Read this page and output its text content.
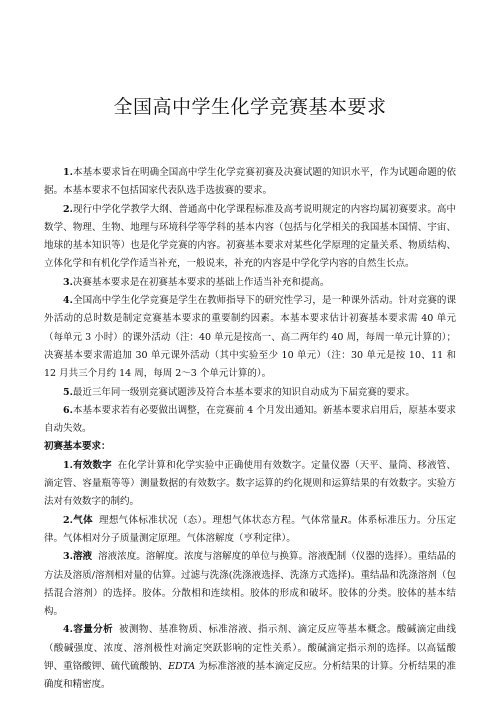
全国高中学生化学竞赛基本要求

1.本基本要求旨在明确全国高中学生化学竞赛初赛及决赛试题的知识水平，作为试题命题的依据。本基本要求不包括国家代表队选手选拔赛的要求。

2.现行中学化学教学大纲、普通高中化学课程标准及高考说明规定的内容均属初赛要求。高中数学、物理、生物、地理与环境科学等学科的基本内容（包括与化学相关的我国基本国情、宇宙、地球的基本知识等）也是化学竞赛的内容。初赛基本要求对某些化学原理的定量关系、物质结构、立体化学和有机化学作适当补充，一般说来，补充的内容是中学化学内容的自然生长点。

3.决赛基本要求是在初赛基本要求的基础上作适当补充和提高。

4.全国高中学生化学竞赛是学生在教师指导下的研究性学习，是一种课外活动。针对竞赛的课外活动的总时数是制定竞赛基本要求的重要制约因素。本基本要求估计初赛基本要求需 40 单元（每单元 3 小时）的课外活动（注：40 单元是按高一、高二两年约 40 周，每周一单元计算的）；决赛基本要求需追加 30 单元课外活动（其中实验至少 10 单元）（注：30 单元是按 10、11 和 12 月共三个月约 14 周，每周 2～3 个单元计算的）。

5.最近三年同一级别竞赛试题涉及符合本基本要求的知识自动成为下届竞赛的要求。

6.本基本要求若有必要做出调整，在竞赛前 4 个月发出通知。新基本要求启用后，原基本要求自动失效。

初赛基本要求：

1.有效数字 在化学计算和化学实验中正确使用有效数字。定量仪器（天平、量筒、移液管、滴定管、容量瓶等等）测量数据的有效数字。数字运算的约化规则和运算结果的有效数字。实验方法对有效数字的制约。

2.气体 理想气体标准状况（态）。理想气体状态方程。气体常量R。体系标准压力。分压定律。气体相对分子质量测定原理。气体溶解度（亨利定律）。

3.溶液 溶液浓度。溶解度。浓度与溶解度的单位与换算。溶液配制（仪器的选择）。重结晶的方法及溶质/溶剂相对量的估算。过滤与洗涤(洗涤液选择、洗涤方式选择)。重结晶和洗涤溶剂（包括混合溶剂）的选择。胶体。分散相和连续相。胶体的形成和破坏。胶体的分类。胶体的基本结构。

4.容量分析 被测物、基准物质、标准溶液、指示剂、滴定反应等基本概念。酸碱滴定曲线（酸碱强度、浓度、溶剂极性对滴定突跃影响的定性关系）。酸碱滴定指示剂的选择。以高锰酸钾、重铬酸钾、硫代硫酸钠、EDTA 为标准溶液的基本滴定反应。分析结果的计算。分析结果的准确度和精密度。
